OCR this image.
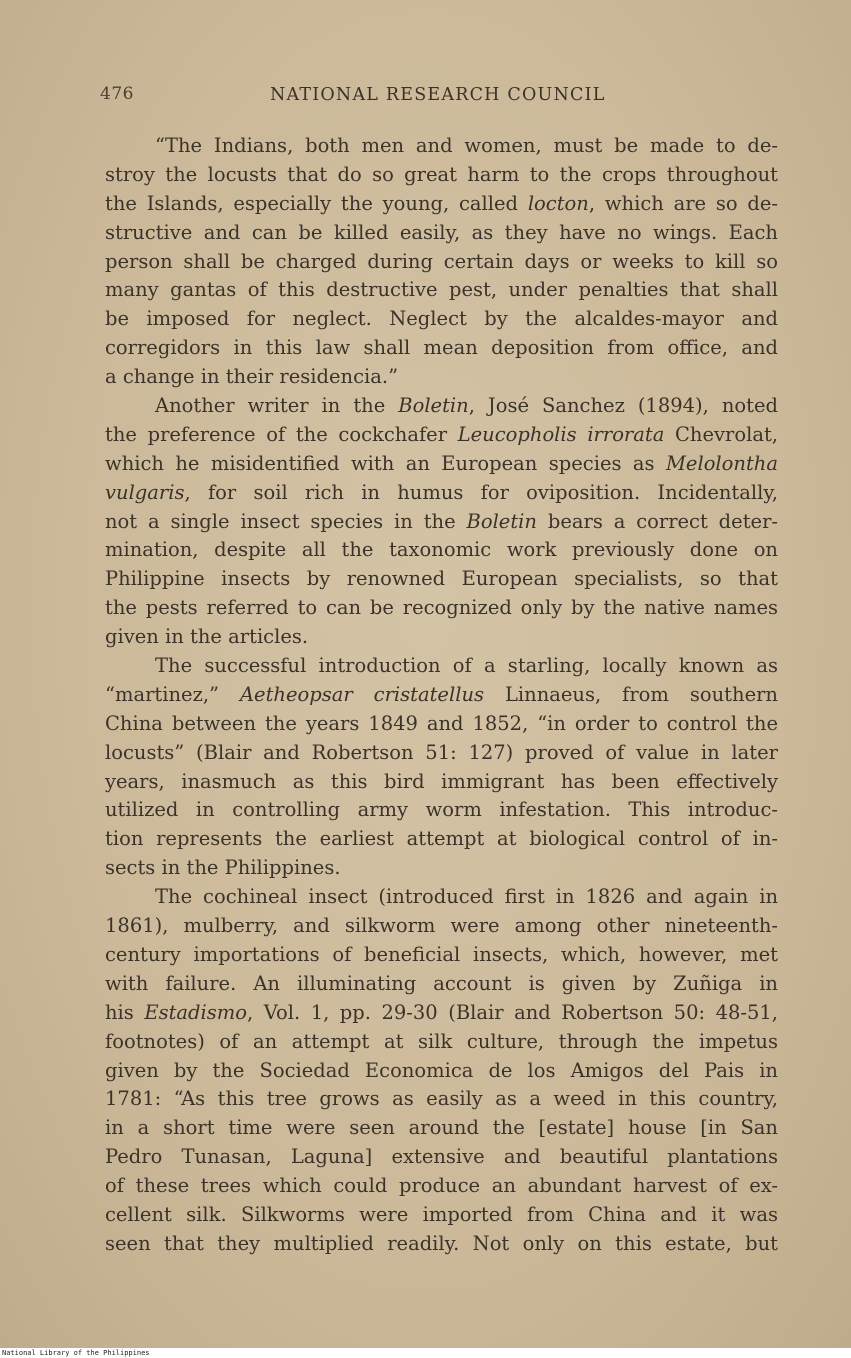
476	NATIONAL RESEARCH COUNCIL
“The Indians, both men and women, must be made to de-
stroy the locusts that do so great harm to the crops throughout
the Islands, especially the young, called locton, which are so de-
structive and can be killed easily, as they have no wings. Each
person shall be charged during certain days or weeks to kill so
many gantas of this destructive pest, under penalties that shall
be imposed for neglect. Neglect by the alcaldes-mayor and
corregidors in this law shall mean deposition from office, and
a change in their residencia.”
Another writer in the Boletin, José Sanchez (1894), noted
the preference of the cockchafer Leucopholis irrorata Chevrolat,
which he misidentified with an European species as Melolontha
vulgaris, for soil rich in humus for oviposition. Incidentally,
not a single insect species in the Boletin bears a correct deter-
mination, despite all the taxonomic work previously done on
Philippine insects by renowned European specialists, so that
the pests referred to can be recognized only by the native names
given in the articles.
The successful introduction of a starling, locally known as
“martinez,” Aetheopsar cristatellus Linnaeus, from southern
China between the years 1849 and 1852, “in order to control the
locusts” (Blair and Robertson 51: 127) proved of value in later
years, inasmuch as this bird immigrant has been effectively
utilized in controlling army worm infestation. This introduc-
tion represents the earliest attempt at biological control of in-
sects in the Philippines.
The cochineal insect (introduced first in 1826 and again in
1861), mulberry, and silkworm were among other nineteenth-
century importations of beneficial insects, which, however, met
with failure. An illuminating account is given by Zuñiga in
his Estadismo, Vol. 1, pp. 29-30 (Blair and Robertson 50: 48-51,
footnotes) of an attempt at silk culture, through the impetus
given by the Sociedad Economica de los Amigos del Pais in
1781: “As this tree grows as easily as a weed in this country,
in a short time were seen around the [estate] house [in San
Pedro Tunasan, Laguna] extensive and beautiful plantations
of these trees which could produce an abundant harvest of ex-
cellent silk. Silkworms were imported from China and it was
seen that they multiplied readily. Not only on this estate, but
National Library of the Philippines
